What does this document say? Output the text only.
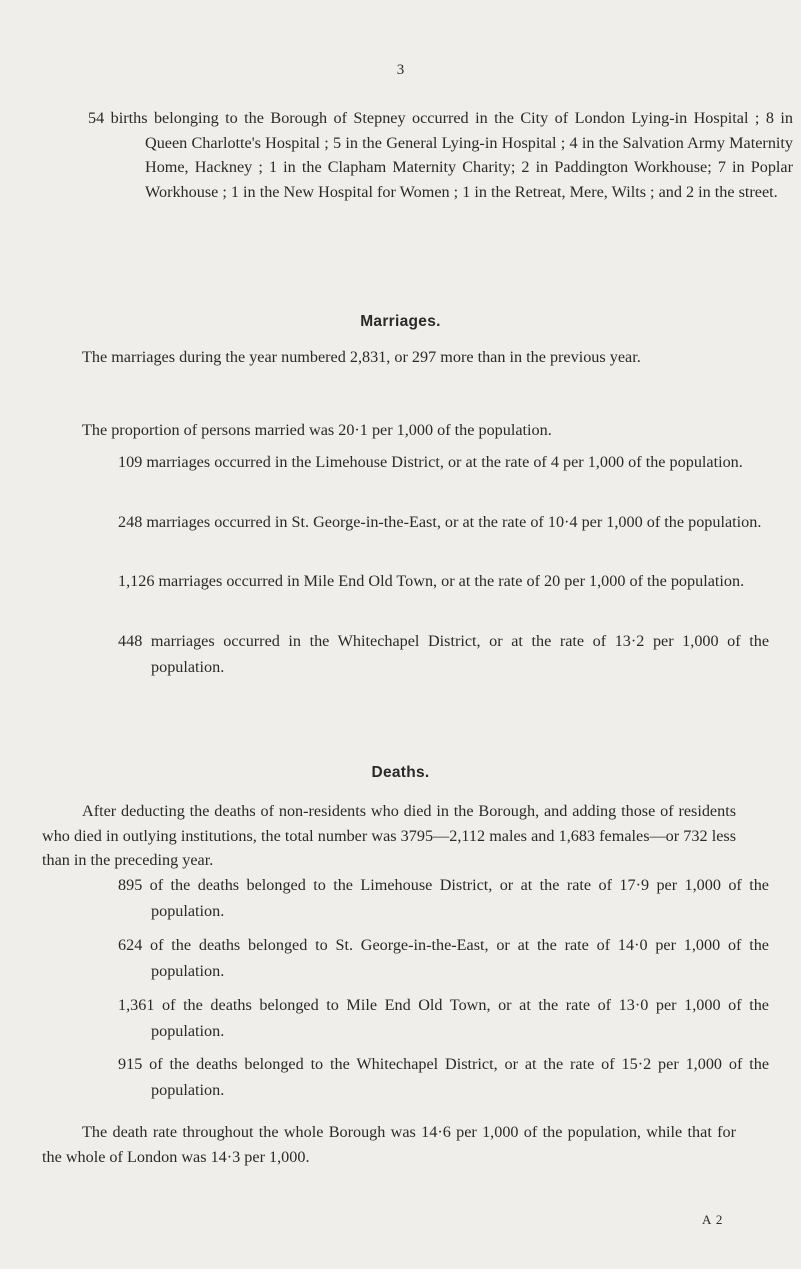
3

54 births belonging to the Borough of Stepney occurred in the City of London Lying-in Hospital ; 8 in Queen Charlotte's Hospital ; 5 in the General Lying-in Hospital ; 4 in the Salvation Army Maternity Home, Hackney ; 1 in the Clapham Maternity Charity; 2 in Paddington Workhouse; 7 in Poplar Workhouse ; 1 in the New Hospital for Women ; 1 in the Retreat, Mere, Wilts ; and 2 in the street.

Marriages.

The marriages during the year numbered 2,831, or 297 more than in the previous year.

The proportion of persons married was 20·1 per 1,000 of the population.

109 marriages occurred in the Limehouse District, or at the rate of 4 per 1,000 of the population.

248 marriages occurred in St. George-in-the-East, or at the rate of 10·4 per 1,000 of the population.

1,126 marriages occurred in Mile End Old Town, or at the rate of 20 per 1,000 of the population.

448 marriages occurred in the Whitechapel District, or at the rate of 13·2 per 1,000 of the population.

Deaths.

After deducting the deaths of non-residents who died in the Borough, and adding those of residents who died in outlying institutions, the total number was 3795—2,112 males and 1,683 females—or 732 less than in the preceding year.

895 of the deaths belonged to the Limehouse District, or at the rate of 17·9 per 1,000 of the population.

624 of the deaths belonged to St. George-in-the-East, or at the rate of 14·0 per 1,000 of the population.

1,361 of the deaths belonged to Mile End Old Town, or at the rate of 13·0 per 1,000 of the population.

915 of the deaths belonged to the Whitechapel District, or at the rate of 15·2 per 1,000 of the population.

The death rate throughout the whole Borough was 14·6 per 1,000 of the population, while that for the whole of London was 14·3 per 1,000.

A 2
